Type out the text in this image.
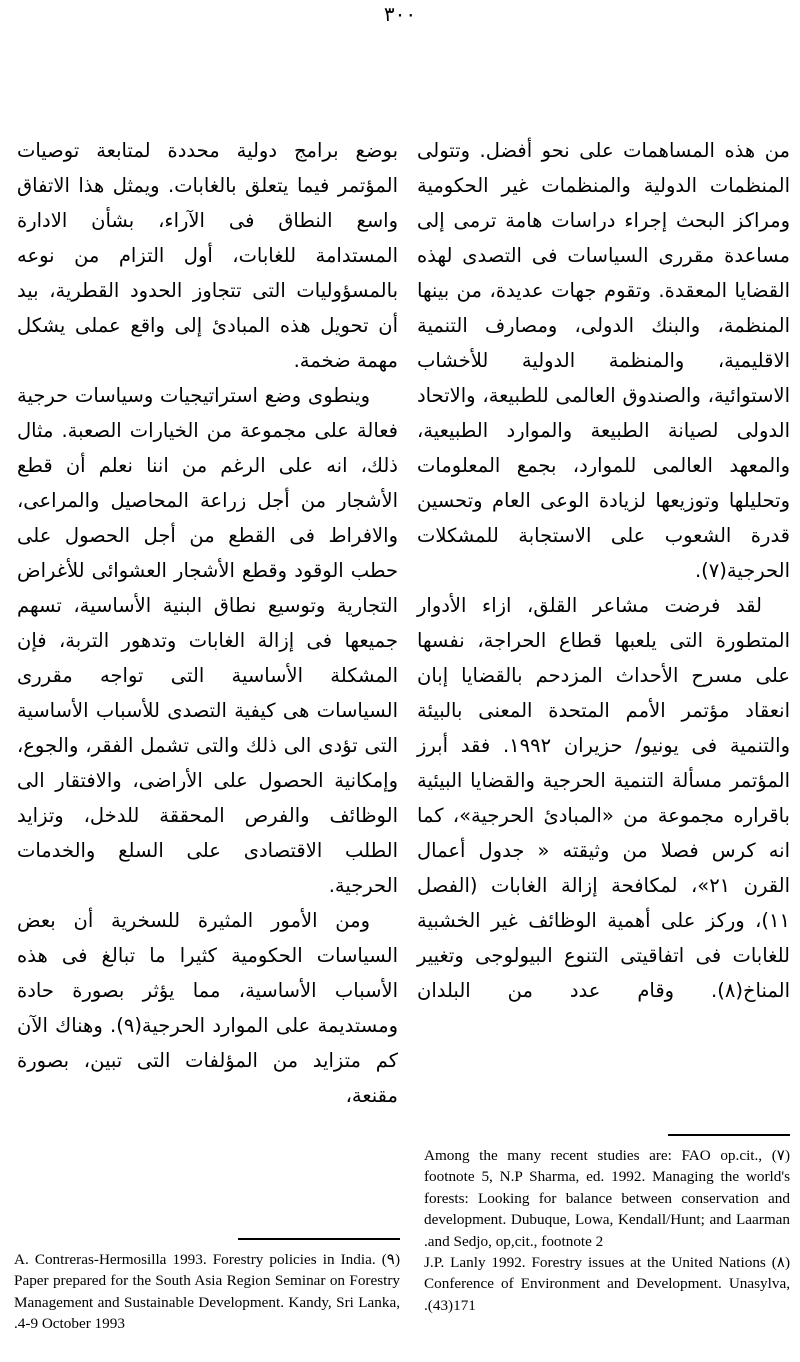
٣٠٠

من هذه المساهمات على نحو أفضل. وتتولى المنظمات الدولية والمنظمات غير الحكومية ومراكز البحث إجراء دراسات هامة ترمى إلى مساعدة مقررى السياسات فى التصدى لهذه القضايا المعقدة. وتقوم جهات عديدة، من بينها المنظمة، والبنك الدولى، ومصارف التنمية الاقليمية، والمنظمة الدولية للأخشاب الاستوائية، والصندوق العالمى للطبيعة، والاتحاد الدولى لصيانة الطبيعة والموارد الطبيعية، والمعهد العالمى للموارد، بجمع المعلومات وتحليلها وتوزيعها لزيادة الوعى العام وتحسين قدرة الشعوب على الاستجابة للمشكلات الحرجية(٧).

لقد فرضت مشاعر القلق، ازاء الأدوار المتطورة التى يلعبها قطاع الحراجة، نفسها على مسرح الأحداث المزدحم بالقضايا إبان انعقاد مؤتمر الأمم المتحدة المعنى بالبيئة والتنمية فى يونيو/ حزيران ١٩٩٢. فقد أبرز المؤتمر مسألة التنمية الحرجية والقضايا البيئية باقراره مجموعة من «المبادئ الحرجية»، كما انه كرس فصلا من وثيقته « جدول أعمال القرن ٢١»، لمكافحة إزالة الغابات (الفصل ١١)، وركز على أهمية الوظائف غير الخشبية للغابات فى اتفاقيتى التنوع البيولوجى وتغيير المناخ(٨). وقام عدد من البلدان

بوضع برامج دولية محددة لمتابعة توصيات المؤتمر فيما يتعلق بالغابات. ويمثل هذا الاتفاق واسع النطاق فى الآراء، بشأن الادارة المستدامة للغابات، أول التزام من نوعه بالمسؤوليات التى تتجاوز الحدود القطرية، بيد أن تحويل هذه المبادئ إلى واقع عملى يشكل مهمة ضخمة.

وينطوى وضع استراتيجيات وسياسات حرجية فعالة على مجموعة من الخيارات الصعبة. مثال ذلك، انه على الرغم من اننا نعلم أن قطع الأشجار من أجل زراعة المحاصيل والمراعى، والافراط فى القطع من أجل الحصول على حطب الوقود وقطع الأشجار العشوائى للأغراض التجارية وتوسيع نطاق البنية الأساسية، تسهم جميعها فى إزالة الغابات وتدهور التربة، فإن المشكلة الأساسية التى تواجه مقررى السياسات هى كيفية التصدى للأسباب الأساسية التى تؤدى الى ذلك والتى تشمل الفقر، والجوع، وإمكانية الحصول على الأراضى، والافتقار الى الوظائف والفرص المحققة للدخل، وتزايد الطلب الاقتصادى على السلع والخدمات الحرجية.

ومن الأمور المثيرة للسخرية أن بعض السياسات الحكومية كثيرا ما تبالغ فى هذه الأسباب الأساسية، مما يؤثر بصورة حادة ومستديمة على الموارد الحرجية(٩). وهناك الآن كم متزايد من المؤلفات التى تبين، بصورة مقنعة،

(٧) Among the many recent studies are: FAO op.cit., footnote 5, N.P Sharma, ed. 1992. Managing the world's forests: Looking for balance between conservation and development. Dubuque, Lowa, Kendall/Hunt; and Laarman and Sedjo, op,cit., footnote 2.

(٨) J.P. Lanly 1992. Forestry issues at the United Nations Conference of Environment and Development. Unasylva, (43)171.

(٩) A. Contreras-Hermosilla 1993. Forestry policies in India. Paper prepared for the South Asia Region Seminar on Forestry Management and Sustainable Development. Kandy, Sri Lanka, 4-9 October 1993.
